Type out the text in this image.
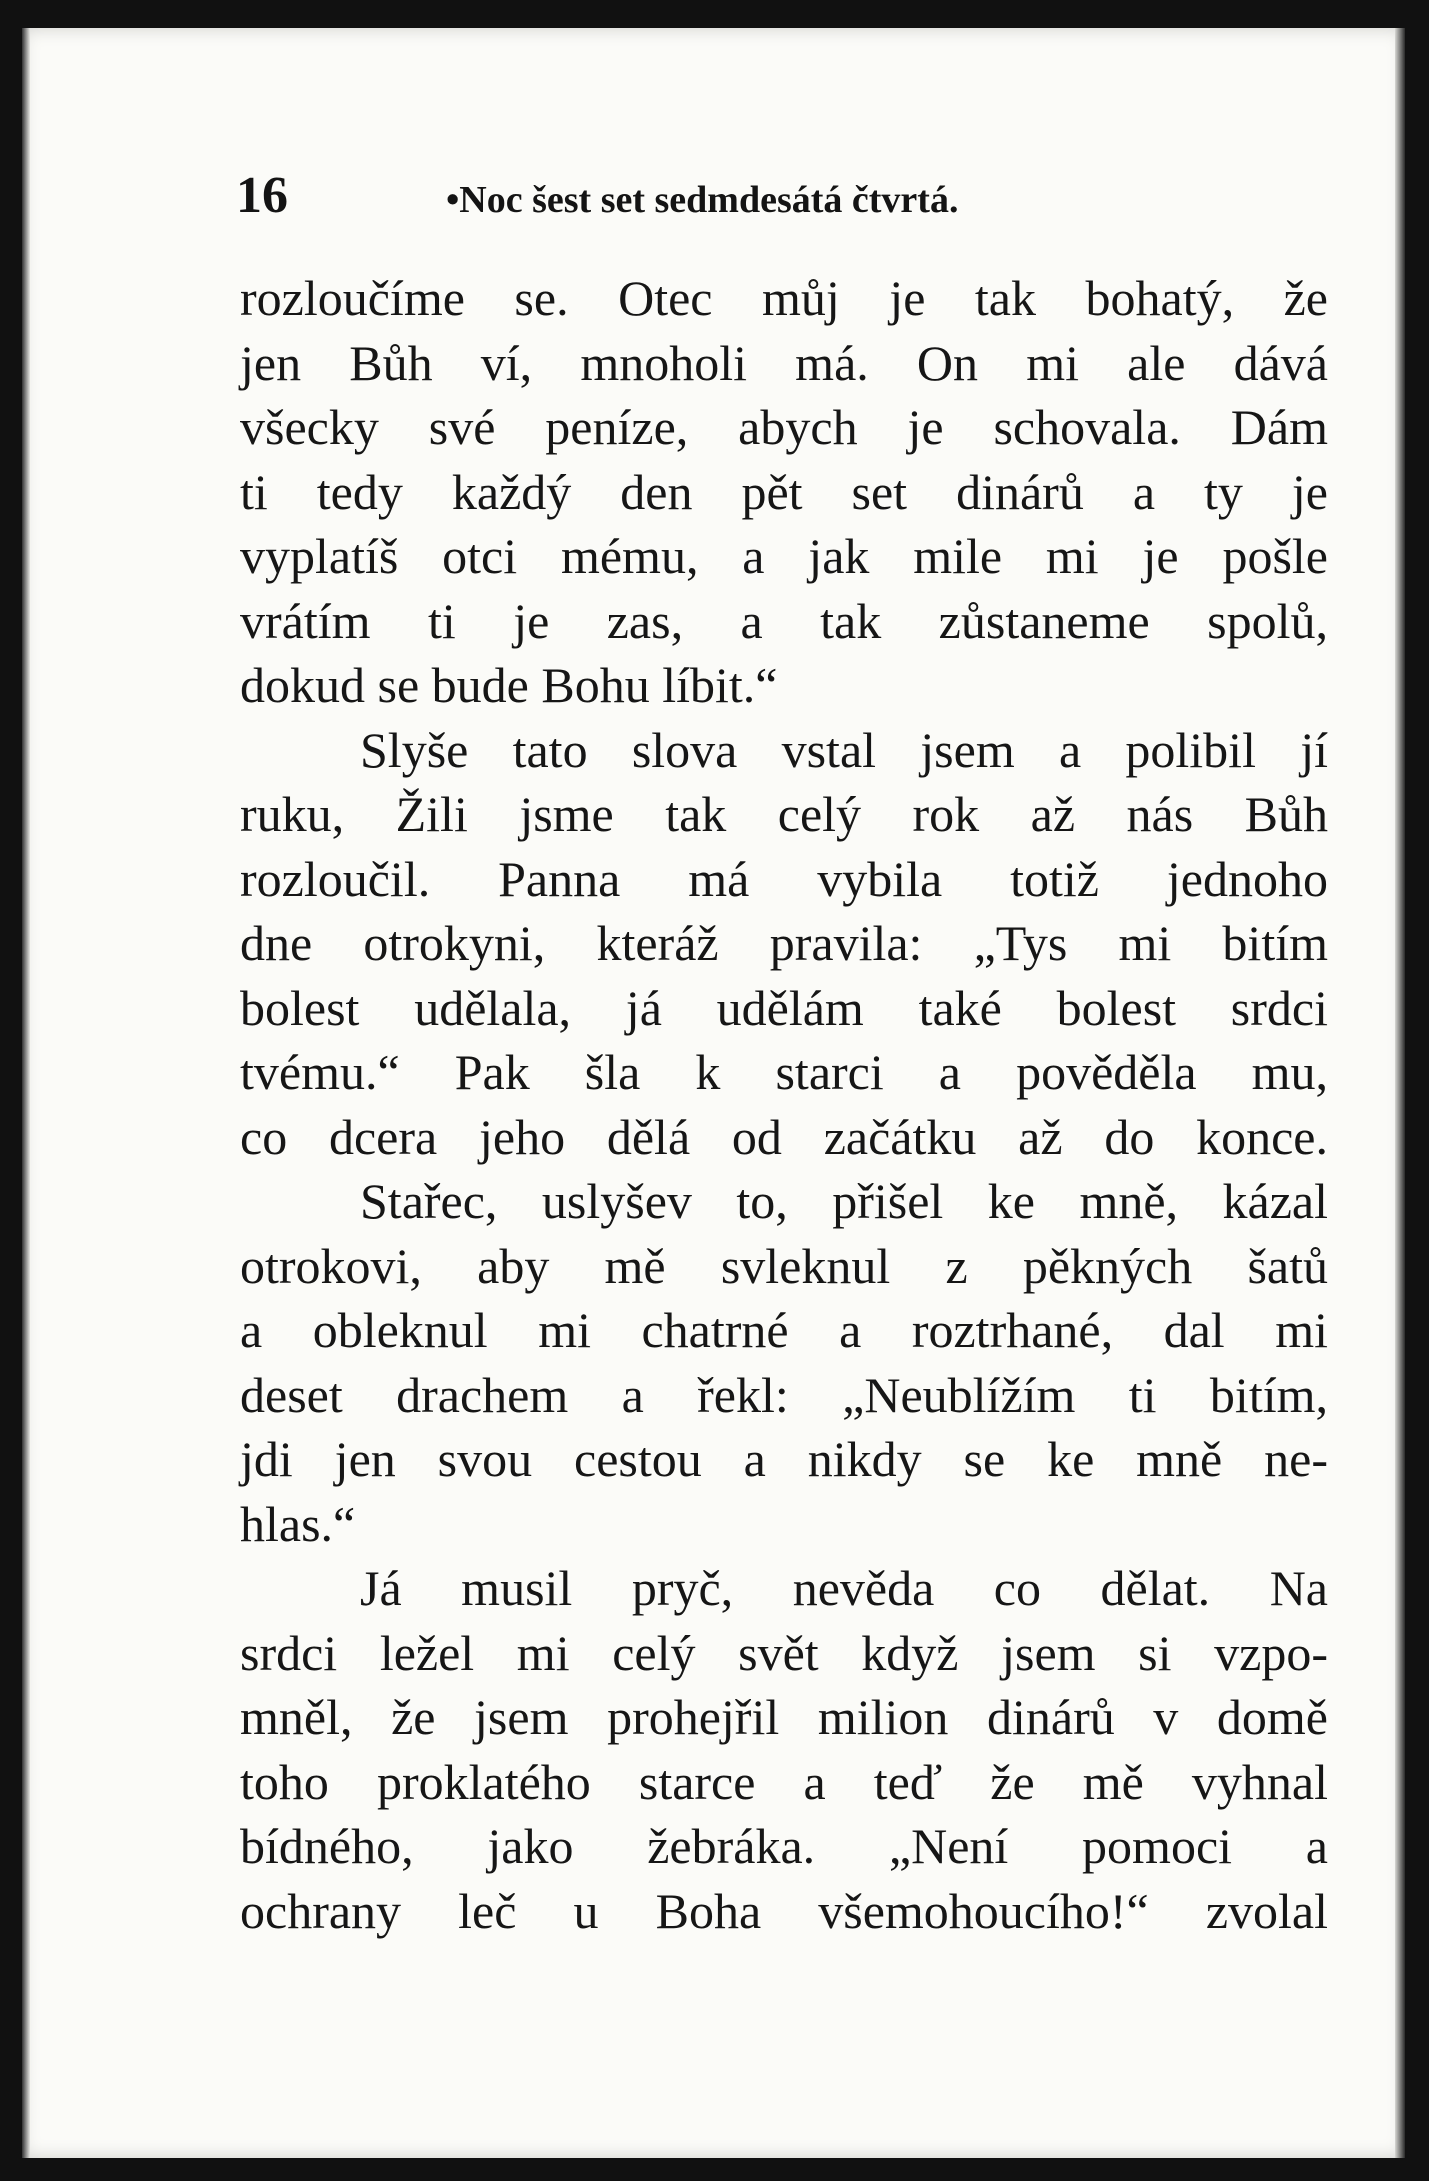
16	•Noc šest set sedmdesátá čtvrtá.
rozloučíme se. Otec můj je tak bohatý, že
jen Bůh ví, mnoholi má. On mi ale dává
všecky své peníze, abych je schovala. Dám
ti tedy každý den pět set dinárů a ty je
vyplatíš otci mému, a jak mile mi je pošle
vrátím ti je zas, a tak zůstaneme spolů,
dokud se bude Bohu líbit.“
Slyše tato slova vstal jsem a polibil jí
ruku, Žili jsme tak celý rok až nás Bůh
rozloučil. Panna má vybila totiž jednoho
dne otrokyni, kteráž pravila: „Tys mi bitím
bolest udělala, já udělám také bolest srdci
tvému.“ Pak šla k starci a pověděla mu,
co dcera jeho dělá od začátku až do konce.
Stařec, uslyšev to, přišel ke mně, kázal
otrokovi, aby mě svleknul z pěkných šatů
a obleknul mi chatrné a roztrhané, dal mi
deset drachem a řekl: „Neublížím ti bitím,
jdi jen svou cestou a nikdy se ke mně ne-
hlas.“
Já musil pryč, nevěda co dělat. Na
srdci ležel mi celý svět když jsem si vzpo-
mněl, že jsem prohejřil milion dinárů v domě
toho proklatého starce a teď že mě vyhnal
bídného, jako žebráka. „Není pomoci a
ochrany leč u Boha všemohoucího!“ zvolal
